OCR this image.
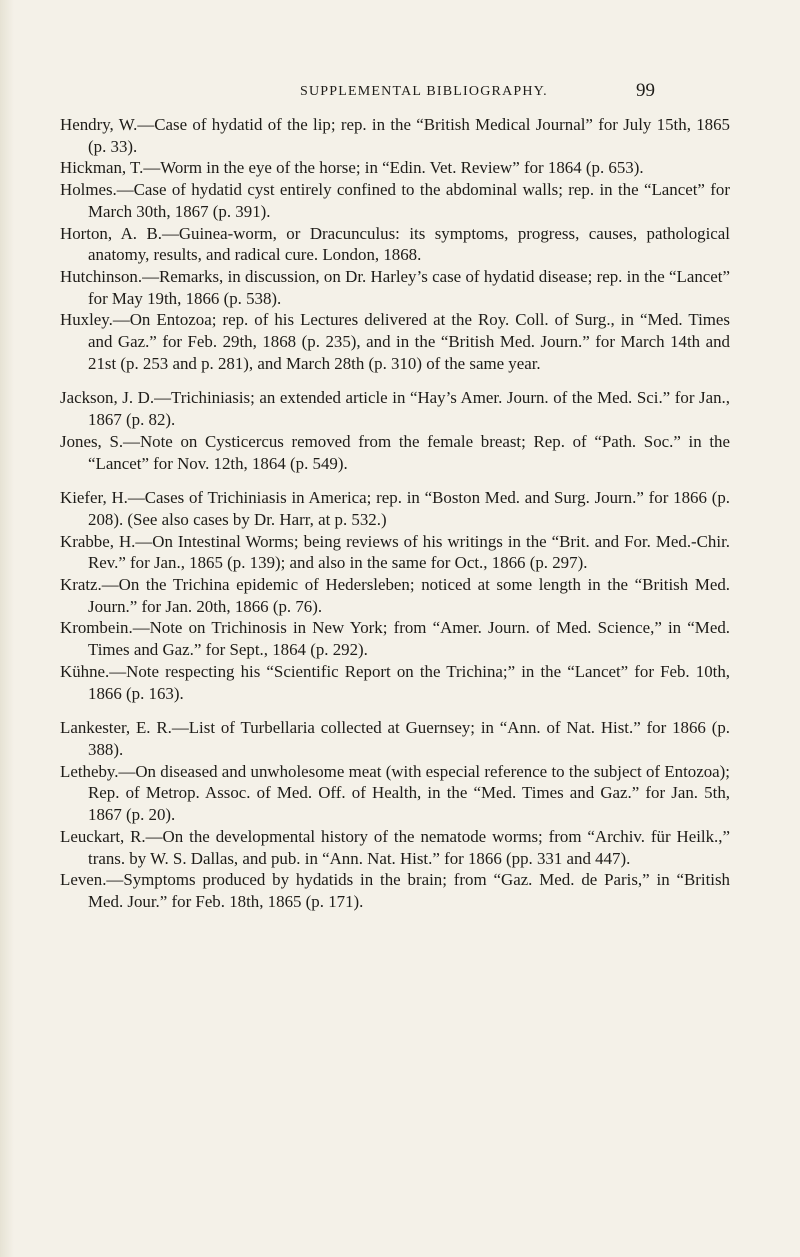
SUPPLEMENTAL BIBLIOGRAPHY.	99

Hendry, W.—Case of hydatid of the lip; rep. in the “British Medical Journal” for July 15th, 1865 (p. 33).

Hickman, T.—Worm in the eye of the horse; in “Edin. Vet. Review” for 1864 (p. 653).

Holmes.—Case of hydatid cyst entirely confined to the abdominal walls; rep. in the “Lancet” for March 30th, 1867 (p. 391).

Horton, A. B.—Guinea-worm, or Dracunculus: its symptoms, progress, causes, pathological anatomy, results, and radical cure. London, 1868.

Hutchinson.—Remarks, in discussion, on Dr. Harley’s case of hydatid disease; rep. in the “Lancet” for May 19th, 1866 (p. 538).

Huxley.—On Entozoa; rep. of his Lectures delivered at the Roy. Coll. of Surg., in “Med. Times and Gaz.” for Feb. 29th, 1868 (p. 235), and in the “British Med. Journ.” for March 14th and 21st (p. 253 and p. 281), and March 28th (p. 310) of the same year.

Jackson, J. D.—Trichiniasis; an extended article in “Hay’s Amer. Journ. of the Med. Sci.” for Jan., 1867 (p. 82).

Jones, S.—Note on Cysticercus removed from the female breast; Rep. of “Path. Soc.” in the “Lancet” for Nov. 12th, 1864 (p. 549).

Kiefer, H.—Cases of Trichiniasis in America; rep. in “Boston Med. and Surg. Journ.” for 1866 (p. 208). (See also cases by Dr. Harr, at p. 532.)

Krabbe, H.—On Intestinal Worms; being reviews of his writings in the “Brit. and For. Med.-Chir. Rev.” for Jan., 1865 (p. 139); and also in the same for Oct., 1866 (p. 297).

Kratz.—On the Trichina epidemic of Hedersleben; noticed at some length in the “British Med. Journ.” for Jan. 20th, 1866 (p. 76).

Krombein.—Note on Trichinosis in New York; from “Amer. Journ. of Med. Science,” in “Med. Times and Gaz.” for Sept., 1864 (p. 292).

Kühne.—Note respecting his “Scientific Report on the Trichina;” in the “Lancet” for Feb. 10th, 1866 (p. 163).

Lankester, E. R.—List of Turbellaria collected at Guernsey; in “Ann. of Nat. Hist.” for 1866 (p. 388).

Letheby.—On diseased and unwholesome meat (with especial reference to the subject of Entozoa); Rep. of Metrop. Assoc. of Med. Off. of Health, in the “Med. Times and Gaz.” for Jan. 5th, 1867 (p. 20).

Leuckart, R.—On the developmental history of the nematode worms; from “Archiv. für Heilk.,” trans. by W. S. Dallas, and pub. in “Ann. Nat. Hist.” for 1866 (pp. 331 and 447).

Leven.—Symptoms produced by hydatids in the brain; from “Gaz. Med. de Paris,” in “British Med. Jour.” for Feb. 18th, 1865 (p. 171).
